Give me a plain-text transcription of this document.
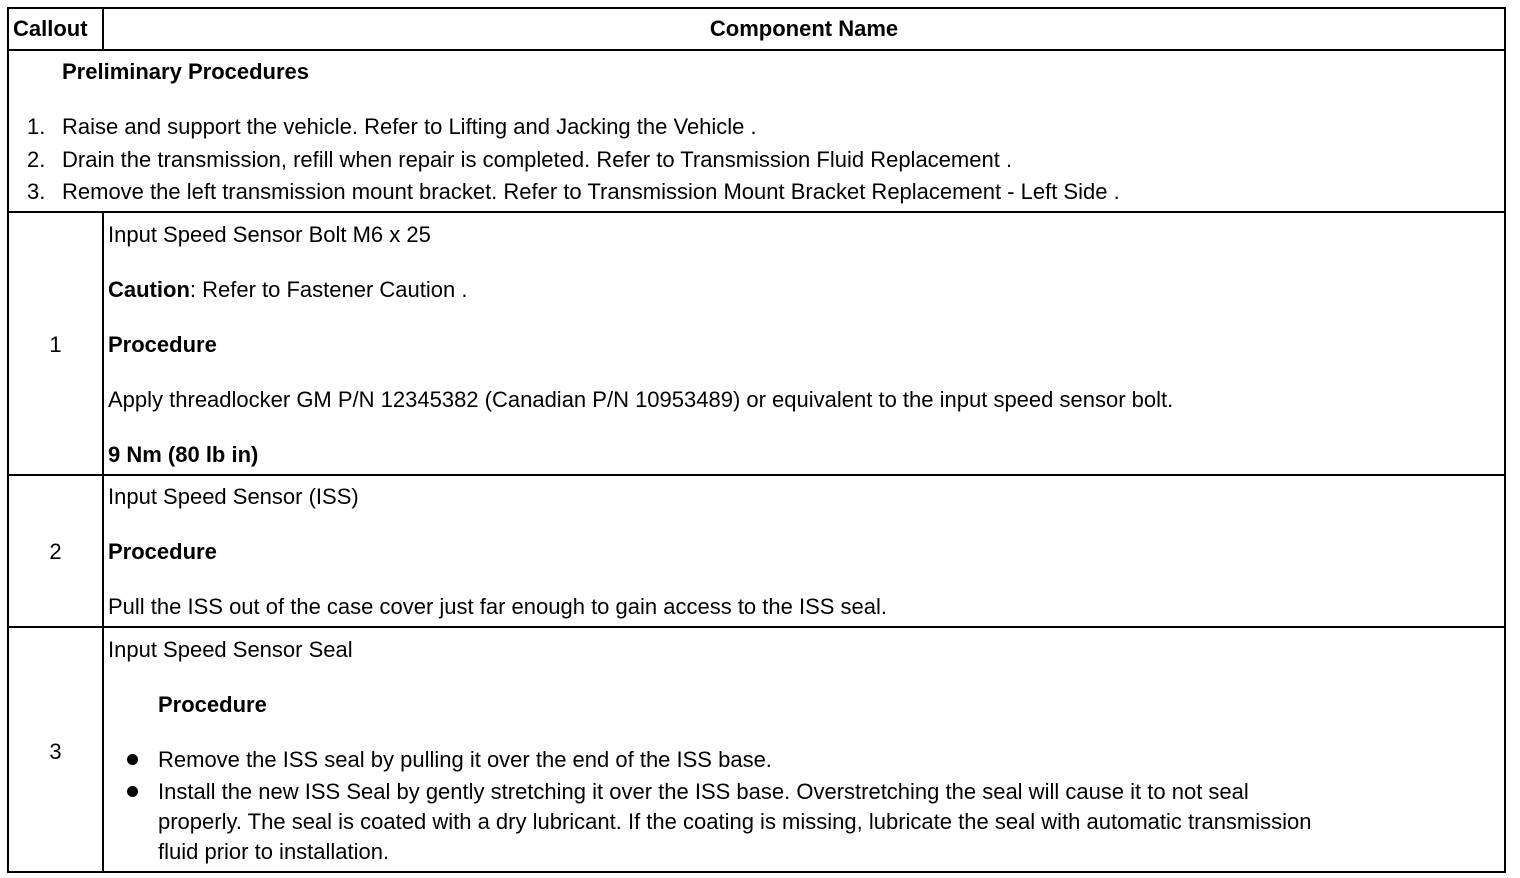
Callout	Component Name
Preliminary Procedures
1. Raise and support the vehicle. Refer to Lifting and Jacking the Vehicle .
2. Drain the transmission, refill when repair is completed. Refer to Transmission Fluid Replacement .
3. Remove the left transmission mount bracket. Refer to Transmission Mount Bracket Replacement - Left Side .
1
Input Speed Sensor Bolt M6 x 25
Caution: Refer to Fastener Caution .
Procedure
Apply threadlocker GM P/N 12345382 (Canadian P/N 10953489) or equivalent to the input speed sensor bolt.
9 Nm (80 lb in)
2
Input Speed Sensor (ISS)
Procedure
Pull the ISS out of the case cover just far enough to gain access to the ISS seal.
3
Input Speed Sensor Seal
Procedure
Remove the ISS seal by pulling it over the end of the ISS base.
Install the new ISS Seal by gently stretching it over the ISS base. Overstretching the seal will cause it to not seal
properly. The seal is coated with a dry lubricant. If the coating is missing, lubricate the seal with automatic transmission
fluid prior to installation.
